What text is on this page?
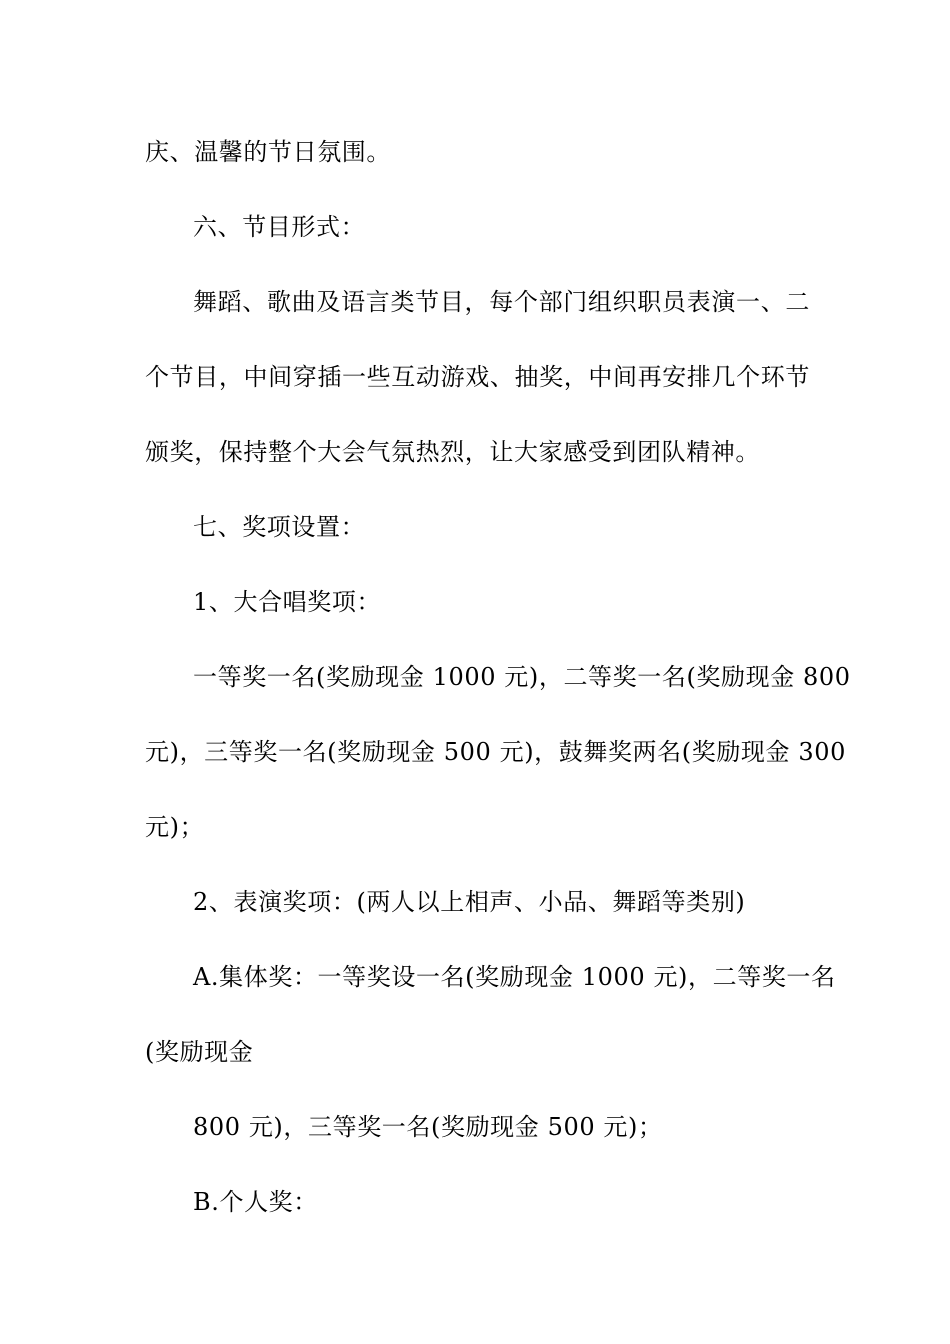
庆、温馨的节日氛围。
六、节目形式：
舞蹈、歌曲及语言类节目，每个部门组织职员表演一、二
个节目，中间穿插一些互动游戏、抽奖，中间再安排几个环节
颁奖，保持整个大会气氛热烈，让大家感受到团队精神。
七、奖项设置：
1、大合唱奖项：
一等奖一名(奖励现金 1000 元)，二等奖一名(奖励现金 800
元)，三等奖一名(奖励现金 500 元)，鼓舞奖两名(奖励现金 300
元)；
2、表演奖项：(两人以上相声、小品、舞蹈等类别)
A.集体奖：一等奖设一名(奖励现金 1000 元)，二等奖一名
(奖励现金
800 元)，三等奖一名(奖励现金 500 元)；
B.个人奖：
